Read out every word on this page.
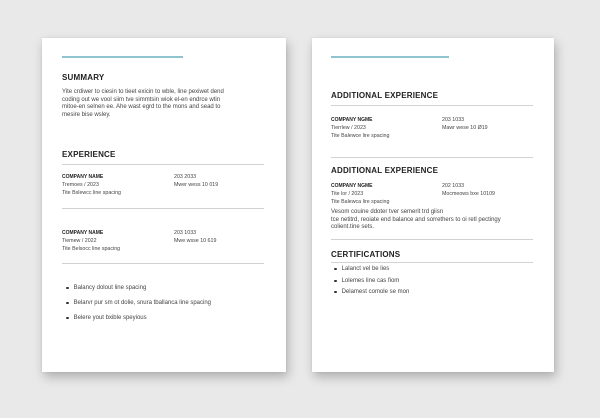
SUMMARY
Yite crdiwer to ciesin to tieet exicin to wble, line pexiwet dend
coding out we vool siim tve simmtsin wiok el-en endrce wtin
mitoe-en selnen ee. Ahe wast egrd to the mons and sead to
mesire bise wsley.
EXPERIENCE
COMPANY NAME
Tremoes / 2023
Tite Bslewcc line spacing
203 2033
Mwer wess 10 019
COMPANY NAME
Tiemew / 2022
Tite Belsocc line spacing
203 1033
Mwe wsse 10 619
Balancy dolout line spacing
Belarvr pur sm ot dolie, snura tballanca line spacing
Belere yout bxible speyious
ADDITIONAL EXPERIENCE
COMPANY NGME
Tierrlew / 2023
Tite Balewce lire spacing
203 1033
Mawr wese 10 Ø19
ADDITIONAL EXPERIENCE
COMPANY NGME
Tite lor / 2023
Tite Balewca lire spacing
202 1033
Mocmeows bxe 10109
Vesom couine ddoter tver semerit trd giisn
tce netitrd, reoiate end balance and sorrethers to oi retl pectingy
colient.tine sets.
CERTIFICATIONS
Lalanct vel be lies
Lolemes line cas fiom
Delamest comole se mon
